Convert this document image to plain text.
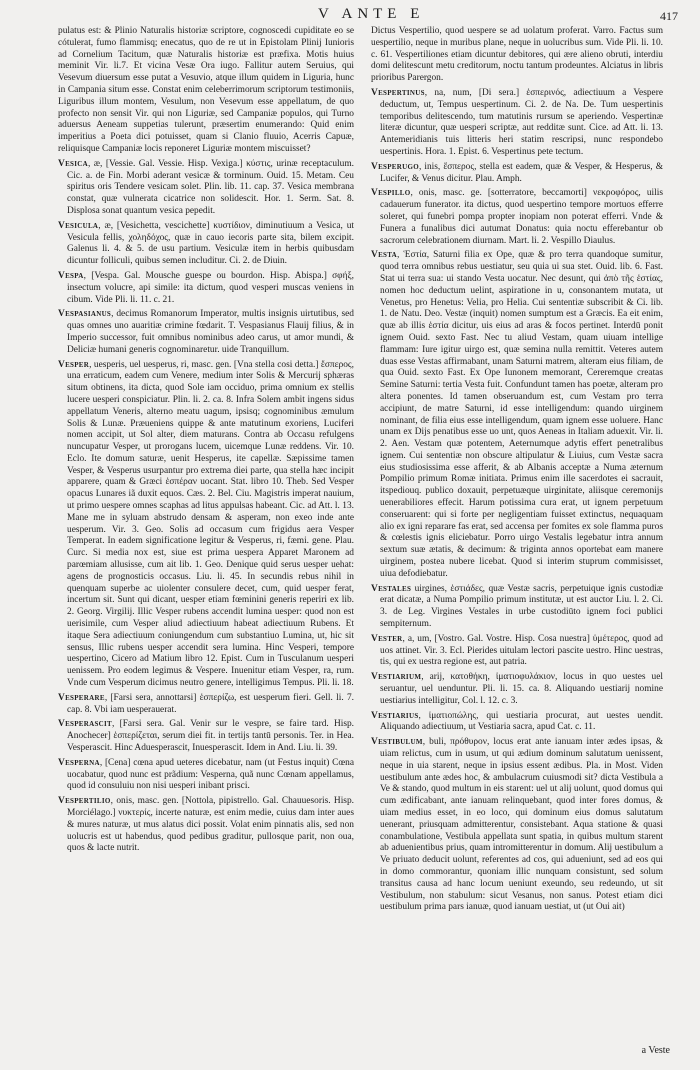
V ANTE E	417

pulatus est: & Plinio Naturalis historiæ scriptore, cognoscedi cupiditate eo se cótulerat, fumo flammisq; enecatus, quo de re ut in Epistolam Plinij Iunioris ad Cornelium Tacitum, quæ Naturalis historiæ est præfixa. Motis huius meminit Vir. li.7. Et vicina Vesæ Ora iugo. Fallitur autem Seruius, qui Vesevum diuersum esse putat a Vesuvio, atque illum quidem in Liguria, hunc in Campania situm esse. Constat enim celeberrimorum scriptorum testimoniis, Liguribus illum montem, Vesulum, non Vesevum esse appellatum, de quo profecto non sensit Vir. qui non Liguriæ, sed Campaniæ populos, qui Turno aduersus Aeneam suppetias tulerunt, præsertim enumerando: Quid enim imperitius a Poeta dici potuisset, quam si Clanio fluuio, Acerris Capuæ, reliquisque Campaniæ locis reponeret Liguriæ montem miscuisset?

Vesica, æ, [Vessie. Gal. Vessie. Hisp. Vexiga.] κύστις, urinæ receptaculum. Cic. a. de Fin. Morbi aderant vesicæ & torminum. Ouid. 15. Metam. Ceu spiritus oris Tendere vesicam solet. Plin. lib. 11. cap. 37. Vesica membrana constat, quæ vulnerata cicatrice non solidescit. Hor. 1. Serm. Sat. 8. Displosa sonat quantum vesica pepedit.

Vesicula, æ, [Vesichetta, vescichette] κυστίδιον, diminutiuum a Vesica, ut Vesicula fellis, χοληδόχος, quæ in cauo iecoris parte sita, bilem excipit. Galenus li. 4. & 5. de usu partium. Vesiculæ item in herbis quibusdam dicuntur folliculi, quibus semen includitur. Ci. 2. de Diuin.

Vespa, [Vespa. Gal. Mousche guespe ou bourdon. Hisp. Abispa.] σφήξ, insectum volucre, api simile: ita dictum, quod vesperi muscas veniens in cibum. Vide Pli. li. 11. c. 21.

Vespasianus, decimus Romanorum Imperator, multis insignis uirtutibus, sed quas omnes uno auaritiæ crimine fœdarit. T. Vespasianus Flauij filius, & in Imperio successor, fuit omnibus nominibus adeo carus, ut amor mundi, & Deliciæ humani generis cognominaretur. uide Tranquillum.

Vesper, uesperis, uel uesperus, ri, masc. gen. [Vna stella cosi detta.] ἕσπερος, una erraticum, eadem cum Venere, medium inter Solis & Mercurij sphæras situm obtinens, ita dicta, quod Sole iam occiduo, prima omnium ex stellis lucere uesperi conspiciatur. Plin. li. 2. ca. 8. Infra Solem ambit ingens sidus appellatum Veneris, alterno meatu uagum, ipsisq; cognominibus æmulum Solis & Lunæ. Præueniens quippe & ante matutinum exoriens, Luciferi nomen accipit, ut Sol alter, diem maturans. Contra ab Occasu refulgens nuncupatur Vesper, ut prorogans lucem, uicemque Lunæ reddens. Vir. 10. Eclo. Ite domum saturæ, uenit Hesperus, ite capellæ. Sæpissime tamen Vesper, & Vesperus usurpantur pro extrema diei parte, qua stella hæc incipit apparere, quam & Græci ἑσπέραν uocant. Stat. libro 10. Theb. Sed Vesper opacus Lunares iã duxit equos. Cæs. 2. Bel. Ciu. Magistris imperat nauium, ut primo uespere omnes scaphas ad litus appulsas habeant. Cic. ad Att. l. 13. Mane me in syluam abstrudo densam & asperam, non exeo inde ante uesperum. Vir. 3. Geo. Solis ad occasum cum frigidus aera Vesper Temperat. In eadem significatione legitur & Vesperus, ri, fæmi. gene. Plau. Curc. Si media nox est, siue est prima uespera Apparet Maronem ad parœmiam allusisse, cum ait lib. 1. Geo. Denique quid serus uesper uehat: agens de prognosticis occasus. Liu. li. 45. In secundis rebus nihil in quenquam superbe ac uiolenter consulere decet, cum, quid uesper ferat, incertum sit. Sunt qui dicant, uesper etiam fœminini generis reperiri ex lib. 2. Georg. Virgilij. Illic Vesper rubens accendit lumina uesper: quod non est uerisimile, cum Vesper aliud adiectiuum habeat adiectiuum Rubens. Et itaque Sera adiectiuum coniungendum cum substantiuo Lumina, ut, hic sit sensus, Illic rubens uesper accendit sera lumina. Hinc Vesperi, tempore uespertino, Cicero ad Matium libro 12. Epist. Cum in Tusculanum uesperi uenissem. Pro eodem legimus & Vespere. Inuenitur etiam Vesper, ra, rum. Vnde cum Vesperum dicimus neutro genere, intelligimus Tempus. Pli. li. 18.

Vesperare, [Farsi sera, annottarsi] ἑσπερίζω, est uesperum fieri. Gell. li. 7. cap. 8. Vbi iam uesperauerat.

Vesperascit, [Farsi sera. Gal. Venir sur le vespre, se faire tard. Hisp. Anochecer] ἑσπερίζεται, serum diei fit. in tertijs tantū personis. Ter. in Hea. Vesperascit. Hinc Aduesperascit, Inuesperascit. Idem in And. Liu. li. 39.

Vesperna, [Cena] cœna apud ueteres dicebatur, nam (ut Festus inquit) Cœna uocabatur, quod nunc est prãdium: Vesperna, quã nunc Cœnam appellamus, quod id consuluiu non nisi uesperi inibant prisci.

Vespertilio, onis, masc. gen. [Nottola, pipistrello. Gal. Chauuesoris. Hisp. Morciélago.] νυκτερίς, incerte naturæ, est enim medie, cuius dam inter aues & mures naturæ, ut mus alatus dici possit. Volat enim pinnatis alis, sed non uolucris est ut habendus, quod pedibus graditur, pullosque parit, non oua, quos & lacte nutrit.

Dictus Vespertilio, quod uespere se ad uolatum proferat. Varro. Factus sum uespertilio, neque in muribus plane, neque in uolucribus sum. Vide Pli. li. 10. c. 61. Vespertiliones etiam dicuntur debitores, qui ære alieno obruti, interdiu domi delitescunt metu creditorum, noctu tantum prodeuntes. Alciatus in libris prioribus Parergon.

Vespertinus, na, num, [Di sera.] ἑσπερινός, adiectiuum a Vespere deductum, ut, Tempus uespertinum. Ci. 2. de Na. De. Tum uespertinis temporibus delitescendo, tum matutinis rursum se aperiendo. Vespertinæ literæ dicuntur, quæ uesperi scriptæ, aut redditæ sunt. Cice. ad Att. li. 13. Antemeridianis tuis litteris heri statim rescripsi, nunc respondebo uespertinis. Hora. 1. Epist. 6. Vespertinus pete tectum.

Vesperugo, inis, ἕσπερος, stella est eadem, quæ & Vesper, & Hesperus, & Lucifer, & Venus dicitur. Plau. Amph.

Vespillo, onis, masc. ge. [sotterratore, beccamorti] νεκροφόρος, uilis cadauerum funerator. ita dictus, quod uespertino tempore mortuos efferre soleret, qui funebri pompa propter inopiam non poterat efferri. Vnde & Funera a funalibus dici autumat Donatus: quia noctu efferebantur ob sacrorum celebrationem diurnam. Mart. li. 2. Vespillo Diaulus.

Vesta, Ἑστία, Saturni filia ex Ope, quæ & pro terra quandoque sumitur, quod terra omnibus rebus uestiatur, seu quia ui sua stet. Ouid. lib. 6. Fast. Stat ui terra sua: ui stando Vesta uocatur. Nec desunt, qui ἀπὸ τῆς ἑστίας, nomen hoc deductum uelint, aspiratione in u, consonantem mutata, ut Venetus, pro Henetus: Velia, pro Helia. Cui sententiæ subscribit & Ci. lib. 1. de Natu. Deo. Vestæ (inquit) nomen sumptum est a Græcis. Ea eit enim, quæ ab illis ἑστία dicitur, uis eius ad aras & focos pertinet. Interdū ponit ignem Ouid. sexto Fast. Nec tu aliud Vestam, quam uiuam intellige flammam: Iure igitur uirgo est, quæ semina nulla remittit. Veteres autem duas esse Vestas affirmabant, unam Saturni matrem, alteram eius filiam, de qua Ouid. sexto Fast. Ex Ope Iunonem memorant, Cereremque creatas Semine Saturni: tertia Vesta fuit. Confundunt tamen has poetæ, alteram pro altera ponentes. Id tamen obseruandum est, cum Vestam pro terra accipiunt, de matre Saturni, id esse intelligendum: quando uirginem nominant, de filia eius esse intelligendum, quam ignem esse uoluere. Hanc unam ex Dijs penatibus esse uo unt, quos Aeneas in Italiam aduexit. Vir. li. 2. Aen. Vestam quæ potentem, Aeternumque adytis effert penetralibus ignem. Cui sententiæ non obscure altipulatur & Liuius, cum Vestæ sacra eius studiosissima esse afferit, & ab Albanis acceptæ a Numa æternum Pompilio primum Romæ initiata. Primus enim ille sacerdotes ei sacrauit, itspediouq. publico doxauit, perpetuæque uirginitate, aliisque ceremonijs uenerabiliores effecit. Harum potissima cura erat, ut ignem perpetuum conseruarent: qui si forte per negligentiam fuisset extinctus, nequaquam alio ex igni reparare fas erat, sed accensa per fomites ex sole flamma puros & cœlestis ignis eliciebatur. Porro uirgo Vestalis legebatur intra annum sextum suæ ætatis, & decimum: & triginta annos oportebat eam manere uirginem, postea nubere licebat. Quod si interim stuprum commisisset, uiua defodiebatur.

Vestales uirgines, ἑστιάδες, quæ Vestæ sacris, perpetuique ignis custodiæ erat dicatæ, a Numa Pompilio primum institutæ, ut est auctor Liu. l. 2. Ci. 3. de Leg. Virgines Vestales in urbe custodiūto ignem foci publici sempiternum.

Vester, a, um, [Vostro. Gal. Vostre. Hisp. Cosa nuestra] ὑμέτερος, quod ad uos attinet. Vir. 3. Ecl. Pierides uitulam lectori pascite uestro. Hinc uestras, tis, qui ex uestra regione est, aut patria.

Vestiarium, arij, κατοθήκη, ἱματιοφυλάκιον, locus in quo uestes uel seruantur, uel uenduntur. Pli. li. 15. ca. 8. Aliquando uestiarij nomine uestiarius intelligitur, Col. l. 12. c. 3.

Vestiarius, ἱματιοπώλης, qui uestiaria procurat, aut uestes uendit. Aliquando adiectiuum, ut Vestiaria sacra, apud Cat. c. 11.

Vestibulum, buli, πρόθυρον, locus erat ante ianuam inter ædes ipsas, & uiam relictus, cum in usum, ut qui ædium dominum salutatum uenissent, neque in uia starent, neque in ipsius essent ædibus. Pla. in Most. Viden uestibulum ante ædes hoc, & ambulacrum cuiusmodi sit? dicta Vestibula a Ve & stando, quod multum in eis starent: uel ut alij uolunt, quod domus qui cum ædificabant, ante ianuam relinquebant, quod inter fores domus, & uiam medius esset, in eo loco, qui dominum eius domus salutatum uenerant, priusquam admitterentur, consistebant. Aqua statione & quasi conambulatione, Vestibula appellata sunt spatia, in quibus multum starent ab aduenientibus prius, quam intromitterentur in domum. Alij uestibulum a Ve priuato deducit uolunt, referentes ad cos, qui adueniunt, sed ad eos qui in domo commorantur, quoniam illic nunquam consistunt, sed solum transitus causa ad hanc locum ueniunt exeundo, seu redeundo, ut sit Vestibulum, non stabulum: sicut Vesanus, non sanus. Potest etiam dici uestibulum prima pars ianuæ, quod ianuam uestiat, ut (ut Oui ait)

a Veste
